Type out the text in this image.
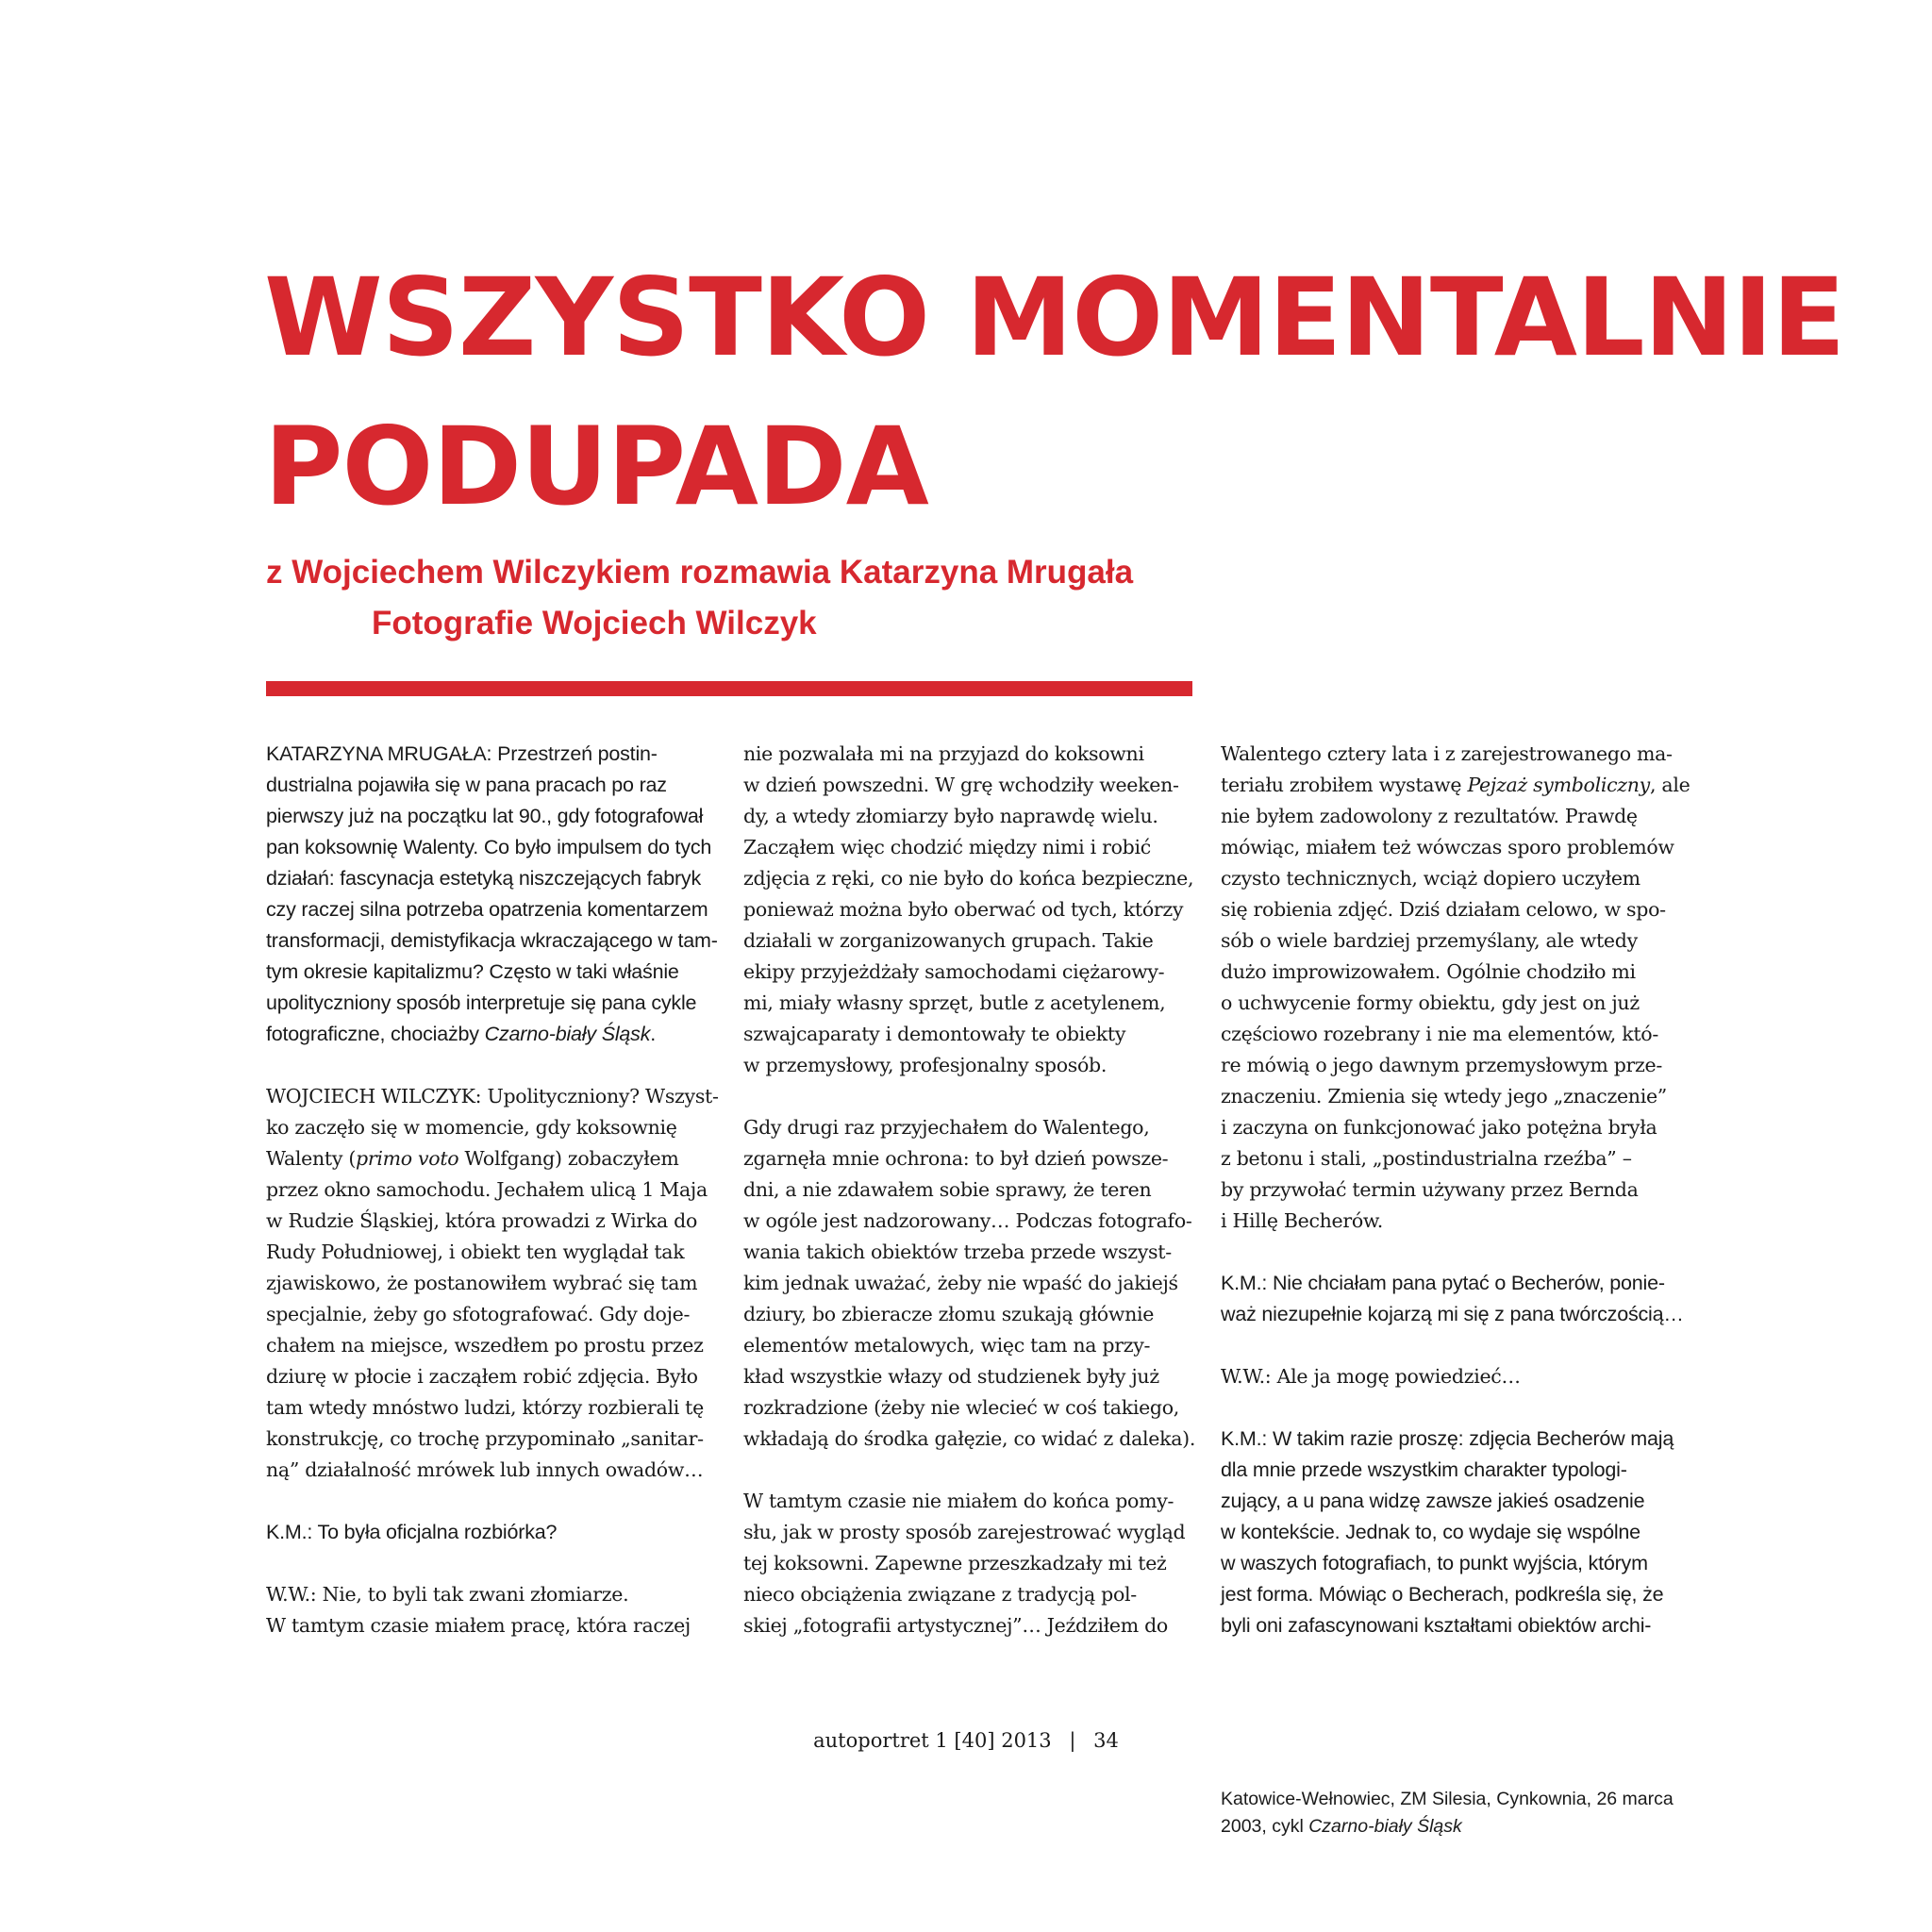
WSZYSTKO MOMENTALNIE
PODUPADA
z Wojciechem Wilczykiem rozmawia Katarzyna Mrugała
Fotografie Wojciech Wilczyk
KATARZYNA MRUGAŁA: Przestrzeń postin-
dustrialna pojawiła się w pana pracach po raz
pierwszy już na początku lat 90., gdy fotografował
pan koksownię Walenty. Co było impulsem do tych
działań: fascynacja estetyką niszczejących fabryk
czy raczej silna potrzeba opatrzenia komentarzem
transformacji, demistyfikacja wkraczającego w tam-
tym okresie kapitalizmu? Często w taki właśnie
upolityczniony sposób interpretuje się pana cykle
fotograficzne, chociażby Czarno-biały Śląsk.
WOJCIECH WILCZYK: Upolityczniony? Wszyst-
ko zaczęło się w momencie, gdy koksownię
Walenty (primo voto Wolfgang) zobaczyłem
przez okno samochodu. Jechałem ulicą 1 Maja
w Rudzie Śląskiej, która prowadzi z Wirka do
Rudy Południowej, i obiekt ten wyglądał tak
zjawiskowo, że postanowiłem wybrać się tam
specjalnie, żeby go sfotografować. Gdy doje-
chałem na miejsce, wszedłem po prostu przez
dziurę w płocie i zacząłem robić zdjęcia. Było
tam wtedy mnóstwo ludzi, którzy rozbierali tę
konstrukcję, co trochę przypominało „sanitar-
ną” działalność mrówek lub innych owadów…
K.M.: To była oficjalna rozbiórka?
W.W.: Nie, to byli tak zwani złomiarze.
W tamtym czasie miałem pracę, która raczej
nie pozwalała mi na przyjazd do koksowni
w dzień powszedni. W grę wchodziły weeken-
dy, a wtedy złomiarzy było naprawdę wielu.
Zacząłem więc chodzić między nimi i robić
zdjęcia z ręki, co nie było do końca bezpieczne,
ponieważ można było oberwać od tych, którzy
działali w zorganizowanych grupach. Takie
ekipy przyjeżdżały samochodami ciężarowy-
mi, miały własny sprzęt, butle z acetylenem,
szwajcaparaty i demontowały te obiekty
w przemysłowy, profesjonalny sposób.
Gdy drugi raz przyjechałem do Walentego,
zgarnęła mnie ochrona: to był dzień powsze-
dni, a nie zdawałem sobie sprawy, że teren
w ogóle jest nadzorowany… Podczas fotografo-
wania takich obiektów trzeba przede wszyst-
kim jednak uważać, żeby nie wpaść do jakiejś
dziury, bo zbieracze złomu szukają głównie
elementów metalowych, więc tam na przy-
kład wszystkie włazy od studzienek były już
rozkradzione (żeby nie wlecieć w coś takiego,
wkładają do środka gałęzie, co widać z daleka).
W tamtym czasie nie miałem do końca pomy-
słu, jak w prosty sposób zarejestrować wygląd
tej koksowni. Zapewne przeszkadzały mi też
nieco obciążenia związane z tradycją pol-
skiej „fotografii artystycznej”… Jeździłem do
Walentego cztery lata i z zarejestrowanego ma-
teriału zrobiłem wystawę Pejzaż symboliczny, ale
nie byłem zadowolony z rezultatów. Prawdę
mówiąc, miałem też wówczas sporo problemów
czysto technicznych, wciąż dopiero uczyłem
się robienia zdjęć. Dziś działam celowo, w spo-
sób o wiele bardziej przemyślany, ale wtedy
dużo improwizowałem. Ogólnie chodziło mi
o uchwycenie formy obiektu, gdy jest on już
częściowo rozebrany i nie ma elementów, któ-
re mówią o jego dawnym przemysłowym prze-
znaczeniu. Zmienia się wtedy jego „znaczenie”
i zaczyna on funkcjonować jako potężna bryła
z betonu i stali, „postindustrialna rzeźba” –
by przywołać termin używany przez Bernda
i Hillę Becherów.
K.M.: Nie chciałam pana pytać o Becherów, ponie-
waż niezupełnie kojarzą mi się z pana twórczością…
W.W.: Ale ja mogę powiedzieć…
K.M.: W takim razie proszę: zdjęcia Becherów mają
dla mnie przede wszystkim charakter typologi-
zujący, a u pana widzę zawsze jakieś osadzenie
w kontekście. Jednak to, co wydaje się wspólne
w waszych fotografiach, to punkt wyjścia, którym
jest forma. Mówiąc o Becherach, podkreśla się, że
byli oni zafascynowani kształtami obiektów archi-
autoportret 1 [40] 2013 | 34
Katowice-Wełnowiec, ZM Silesia, Cynkownia, 26 marca
2003, cykl Czarno-biały Śląsk
